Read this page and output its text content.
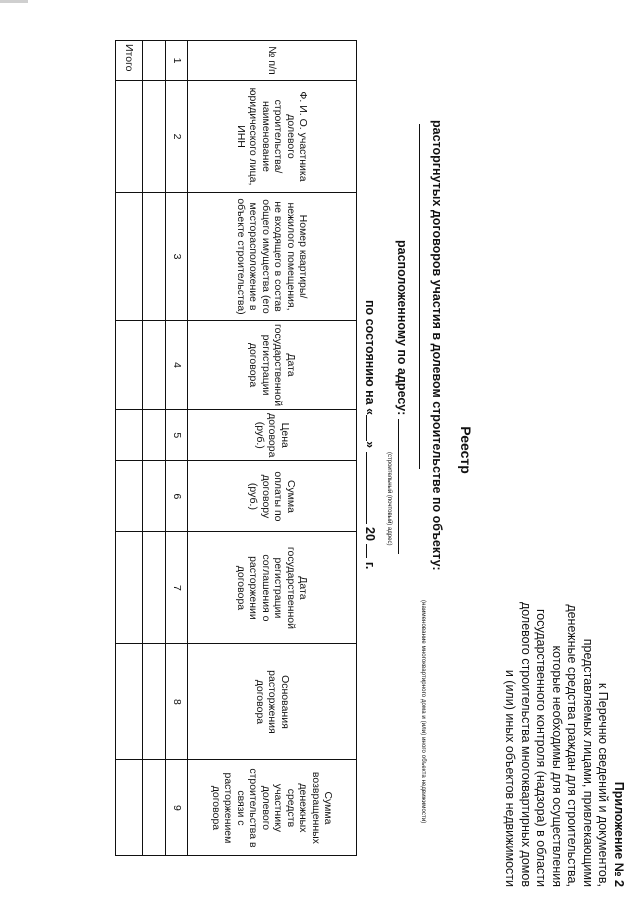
Приложение № 2
к Перечню сведений и документов,
представляемых лицами, привлекающими
денежные средства граждан для строительства,
которые необходимы для осуществления
государственного контроля (надзора) в области
долевого строительства многоквартирных домов
и (или) иных объектов недвижимости
Реестр
расторгнутых договоров участия в долевом строительстве по объекту:
(наименование многоквартирного дома и (или) иного объекта недвижимости)
расположенному по адресу:
(строительный (почтовый) адрес)
по состоянию на «»  20  г.
№ п/п	Ф. И. О. участника долевого строительства/ наименование юридического лица, ИНН	Номер квартиры/ нежилого помещения, не входящего в состав общего имущества (его месторасположение в объекте строительства)	Дата государственной регистрации договора	Цена договора (руб.)	Сумма оплаты по договору (руб.)	Дата государственной регистрации соглашения о расторжении договора	Основания расторжения договора	Сумма возвращенных денежных средств участнику долевого строительства в связи с расторжением договора
1	2	3	4	5	6	7	8	9

Итого								
